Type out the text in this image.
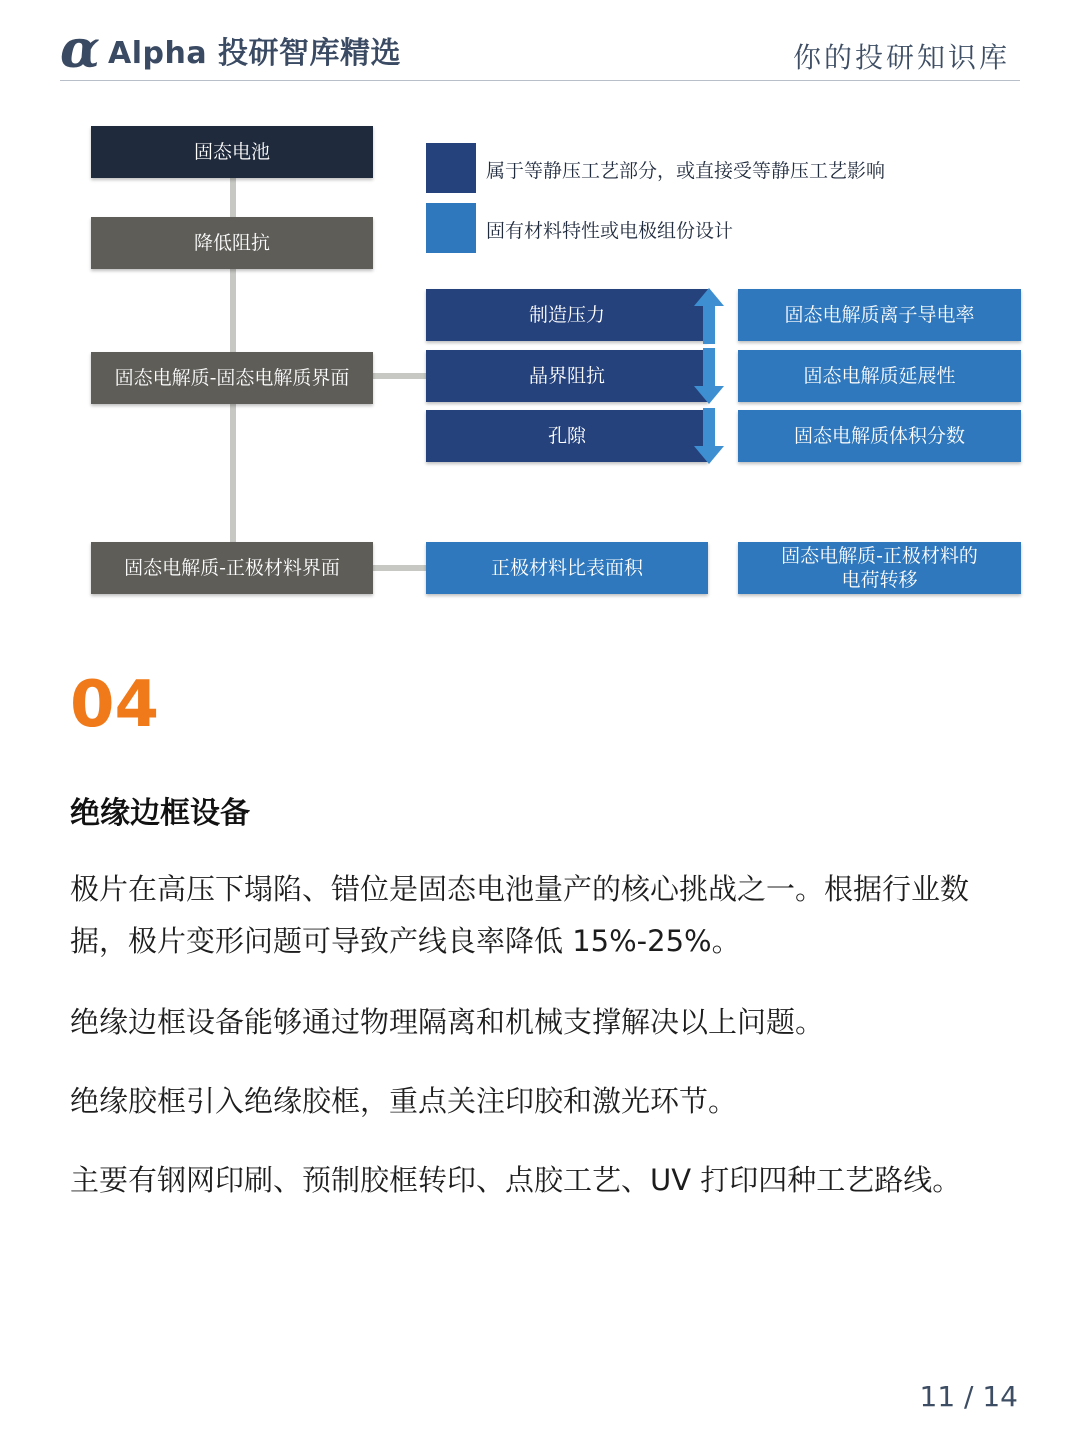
α Alpha 投研智库精选	你的投研知识库
固态电池
降低阻抗
固态电解质-固态电解质界面
固态电解质-正极材料界面
属于等静压工艺部分，或直接受等静压工艺影响
固有材料特性或电极组份设计
制造压力
晶界阻抗
孔隙
正极材料比表面积
固态电解质离子导电率
固态电解质延展性
固态电解质体积分数
固态电解质-正极材料的电荷转移
04
绝缘边框设备

极片在高压下塌陷、错位是固态电池量产的核心挑战之一。根据行业数据，极片变形问题可导致产线良率降低 15%-25%。

绝缘边框设备能够通过物理隔离和机械支撑解决以上问题。

绝缘胶框引入绝缘胶框，重点关注印胶和激光环节。

主要有钢网印刷、预制胶框转印、点胶工艺、UV 打印四种工艺路线。

11 / 14
